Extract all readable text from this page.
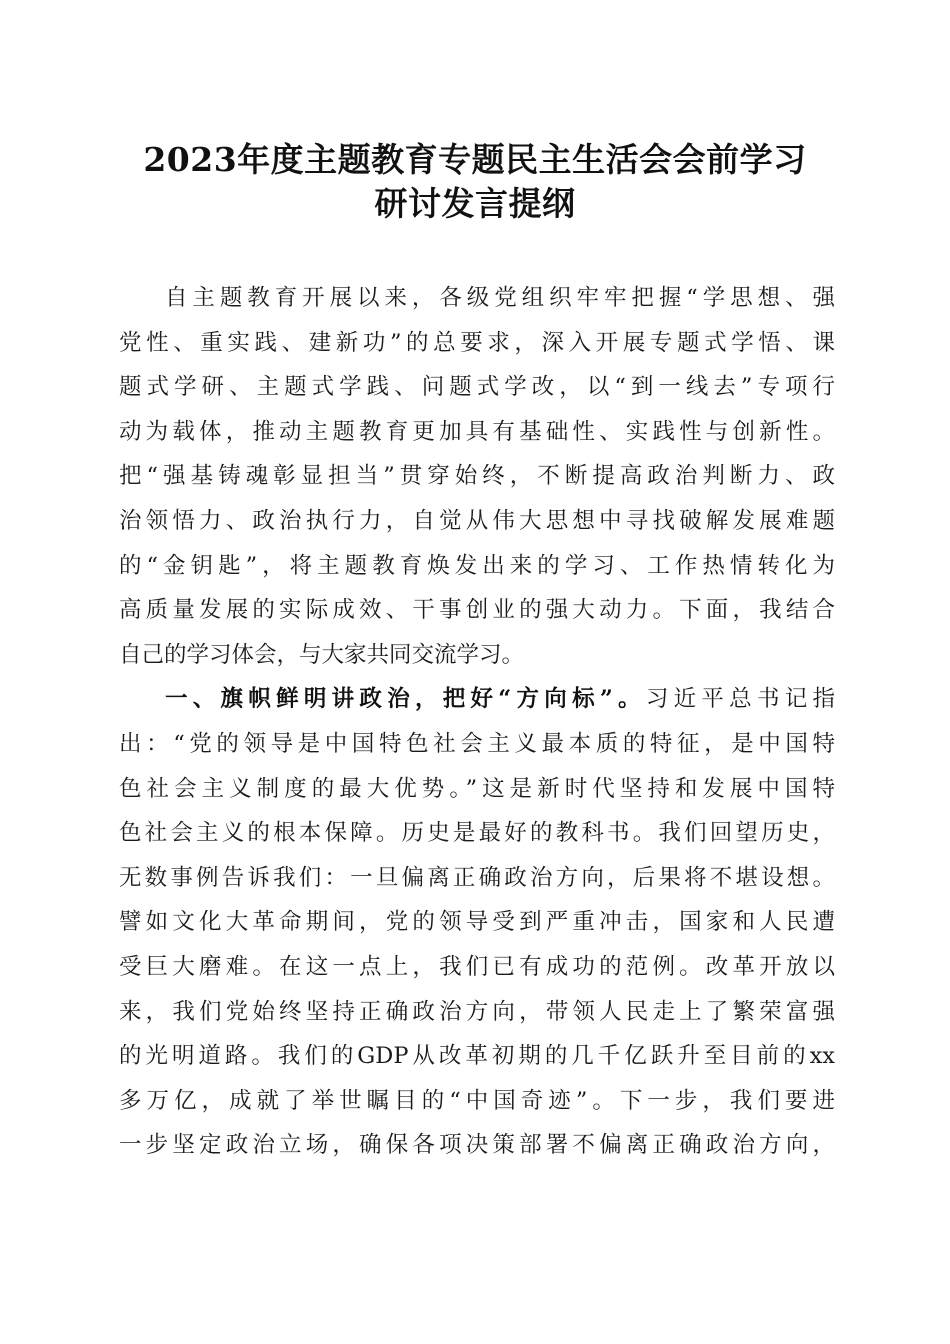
2023年度主题教育专题民主生活会会前学习
研讨发言提纲
自主题教育开展以来，各级党组织牢牢把握“学思想、强
党性、重实践、建新功”的总要求，深入开展专题式学悟、课
题式学研、主题式学践、问题式学改，以“到一线去”专项行
动为载体，推动主题教育更加具有基础性、实践性与创新性。
把“强基铸魂彰显担当”贯穿始终，不断提高政治判断力、政
治领悟力、政治执行力，自觉从伟大思想中寻找破解发展难题
的“金钥匙”，将主题教育焕发出来的学习、工作热情转化为
高质量发展的实际成效、干事创业的强大动力。下面，我结合
自己的学习体会，与大家共同交流学习。
一、旗帜鲜明讲政治，把好“方向标”。习近平总书记指
出：“党的领导是中国特色社会主义最本质的特征，是中国特
色社会主义制度的最大优势。”这是新时代坚持和发展中国特
色社会主义的根本保障。历史是最好的教科书。我们回望历史，
无数事例告诉我们：一旦偏离正确政治方向，后果将不堪设想。
譬如文化大革命期间，党的领导受到严重冲击，国家和人民遭
受巨大磨难。在这一点上，我们已有成功的范例。改革开放以
来，我们党始终坚持正确政治方向，带领人民走上了繁荣富强
的光明道路。我们的GDP从改革初期的几千亿跃升至目前的xx
多万亿，成就了举世瞩目的“中国奇迹”。下一步，我们要进
一步坚定政治立场，确保各项决策部署不偏离正确政治方向，
